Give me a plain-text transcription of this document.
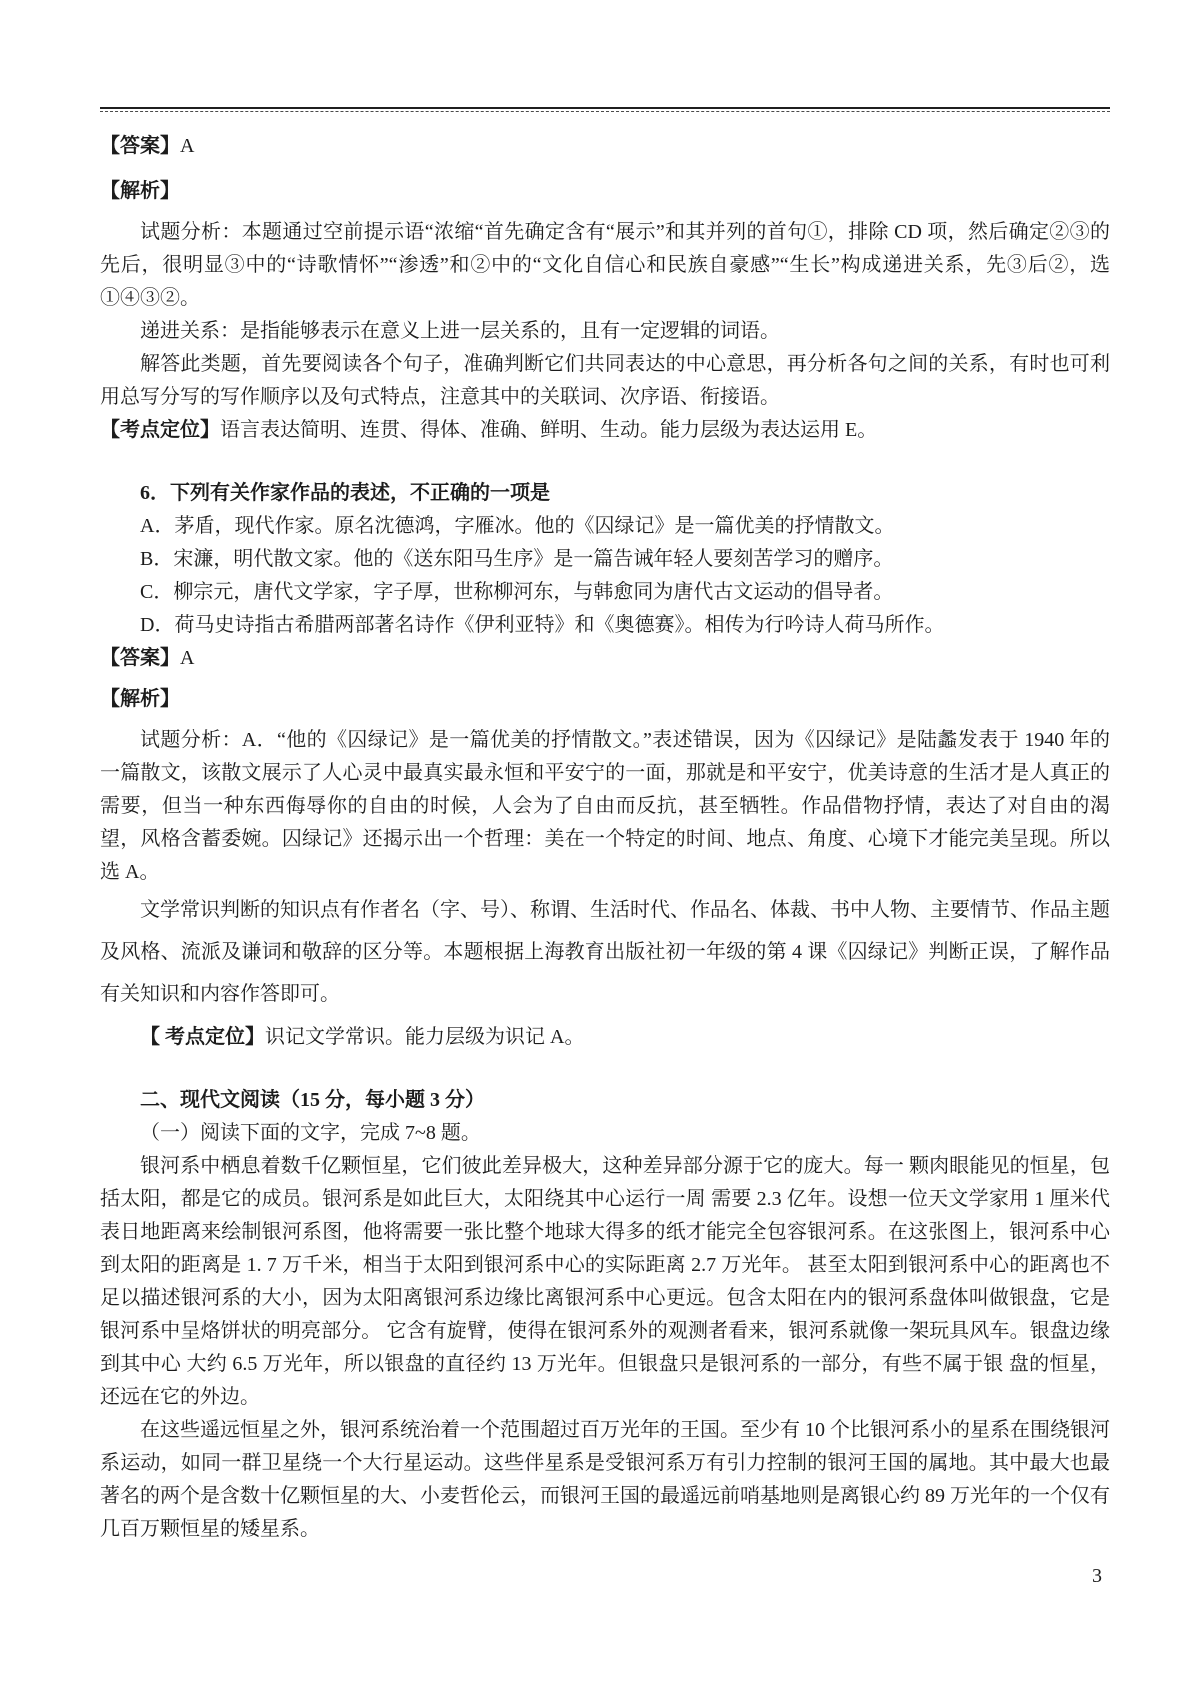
【答案】A

【解析】

试题分析：本题通过空前提示语“浓缩“首先确定含有“展示”和其并列的首句①，排除 CD 项，然后确定②③的先后，很明显③中的“诗歌情怀”“渗透”和②中的“文化自信心和民族自豪感”“生长”构成递进关系，先③后②，选①④③②。

递进关系：是指能够表示在意义上进一层关系的，且有一定逻辑的词语。

解答此类题，首先要阅读各个句子，准确判断它们共同表达的中心意思，再分析各句之间的关系，有时也可利用总写分写的写作顺序以及句式特点，注意其中的关联词、次序语、衔接语。

【考点定位】语言表达简明、连贯、得体、准确、鲜明、生动。能力层级为表达运用 E。

6．下列有关作家作品的表述，不正确的一项是

A．茅盾，现代作家。原名沈德鸿，字雁冰。他的《囚绿记》是一篇优美的抒情散文。

B．宋濂，明代散文家。他的《送东阳马生序》是一篇告诫年轻人要刻苦学习的赠序。

C．柳宗元，唐代文学家，字子厚，世称柳河东，与韩愈同为唐代古文运动的倡导者。

D．荷马史诗指古希腊两部著名诗作《伊利亚特》和《奥德赛》。相传为行吟诗人荷马所作。

【答案】A

【解析】

试题分析：A．“他的《囚绿记》是一篇优美的抒情散文。”表述错误，因为《囚绿记》是陆蠡发表于 1940 年的一篇散文，该散文展示了人心灵中最真实最永恒和平安宁的一面，那就是和平安宁，优美诗意的生活才是人真正的需要，但当一种东西侮辱你的自由的时候，人会为了自由而反抗，甚至牺牲。作品借物抒情，表达了对自由的渴望，风格含蓄委婉。囚绿记》还揭示出一个哲理：美在一个特定的时间、地点、角度、心境下才能完美呈现。所以选 A。

文学常识判断的知识点有作者名（字、号）、称谓、生活时代、作品名、体裁、书中人物、主要情节、作品主题及风格、流派及谦词和敬辞的区分等。本题根据上海教育出版社初一年级的第 4 课《囚绿记》判断正误，了解作品有关知识和内容作答即可。

【 考点定位】识记文学常识。能力层级为识记 A。

二、现代文阅读（15 分，每小题 3 分）

（一）阅读下面的文字，完成 7~8 题。

银河系中栖息着数千亿颗恒星，它们彼此差异极大，这种差异部分源于它的庞大。每一 颗肉眼能见的恒星，包括太阳，都是它的成员。银河系是如此巨大，太阳绕其中心运行一周 需要 2.3 亿年。设想一位天文学家用 1 厘米代表日地距离来绘制银河系图，他将需要一张比整个地球大得多的纸才能完全包容银河系。在这张图上，银河系中心到太阳的距离是 1. 7 万千米，相当于太阳到银河系中心的实际距离 2.7 万光年。 甚至太阳到银河系中心的距离也不足以描述银河系的大小，因为太阳离银河系边缘比离银河系中心更远。包含太阳在内的银河系盘体叫做银盘，它是银河系中呈烙饼状的明亮部分。 它含有旋臂，使得在银河系外的观测者看来，银河系就像一架玩具风车。银盘边缘到其中心 大约 6.5 万光年，所以银盘的直径约 13 万光年。但银盘只是银河系的一部分，有些不属于银 盘的恒星，还远在它的外边。

在这些遥远恒星之外，银河系统治着一个范围超过百万光年的王国。至少有 10 个比银河系小的星系在围绕银河系运动，如同一群卫星绕一个大行星运动。这些伴星系是受银河系万有引力控制的银河王国的属地。其中最大也最著名的两个是含数十亿颗恒星的大、小麦哲伦云，而银河王国的最遥远前哨基地则是离银心约 89 万光年的一个仅有几百万颗恒星的矮星系。

3
